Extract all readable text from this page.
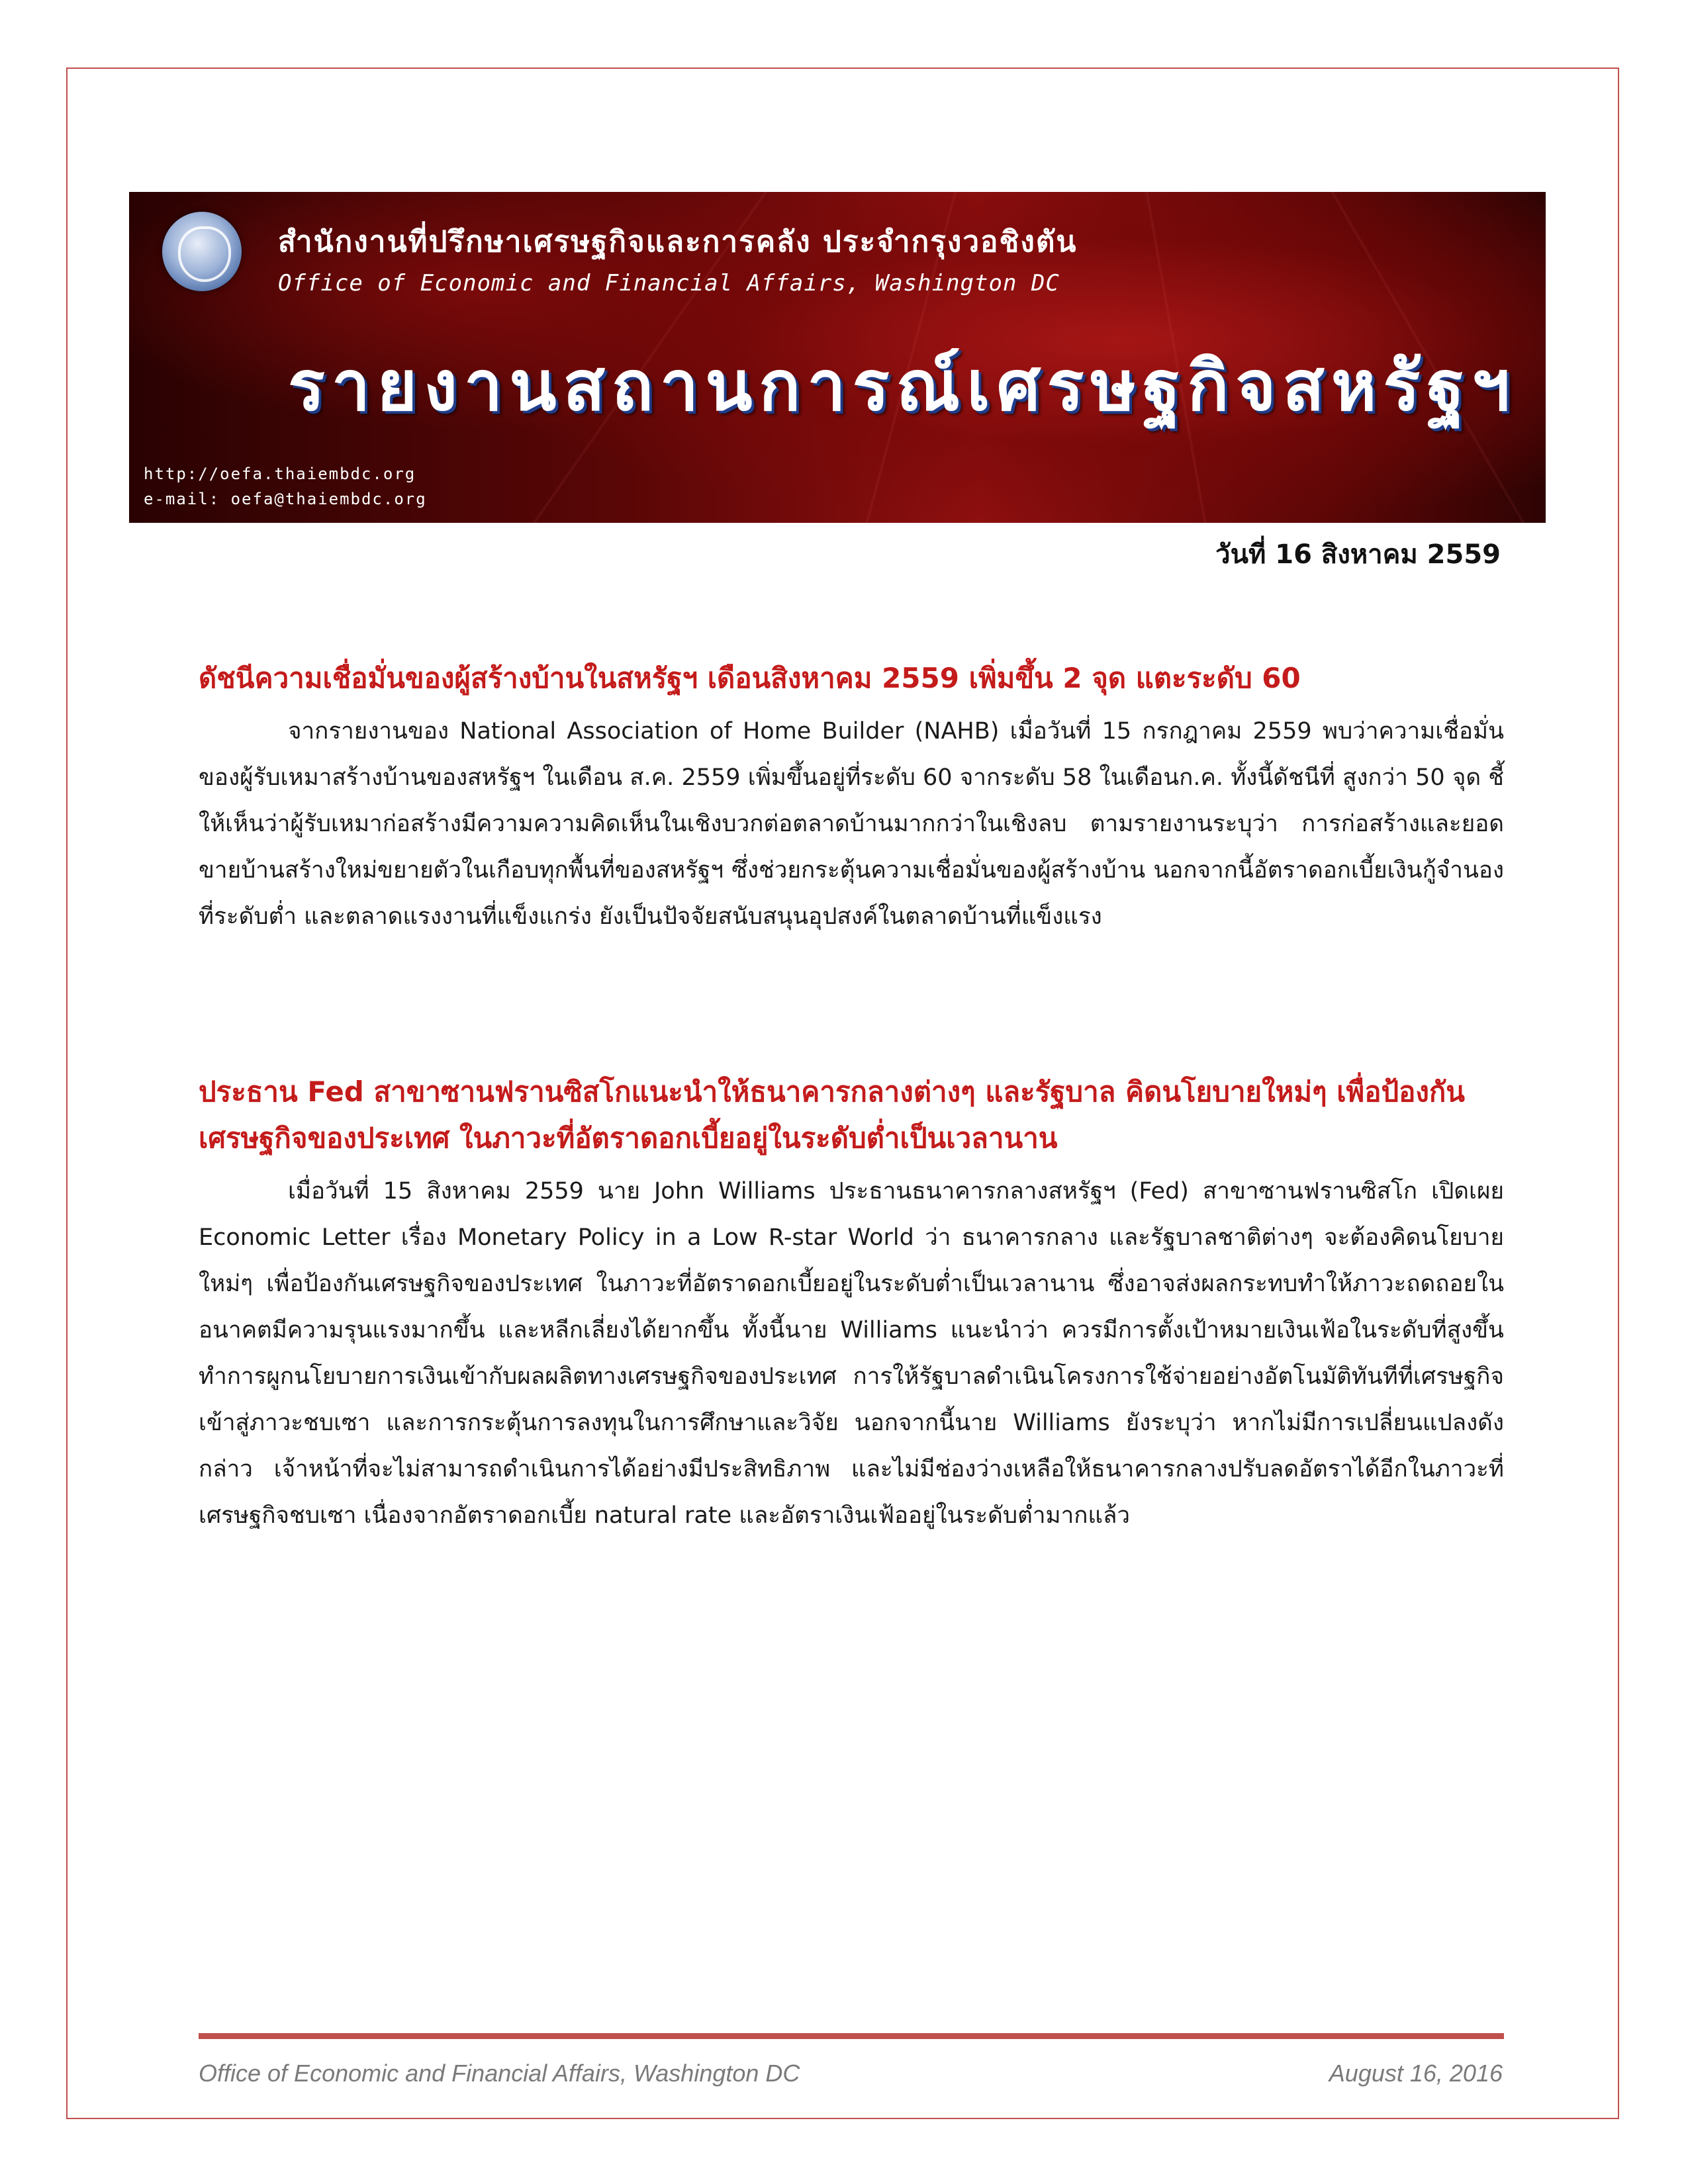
สำนักงานที่ปรึกษาเศรษฐกิจและการคลัง ประจำกรุงวอชิงตัน
Office of Economic and Financial Affairs, Washington DC
รายงานสถานการณ์เศรษฐกิจสหรัฐฯ
http://oefa.thaiembdc.org
e-mail: oefa@thaiembdc.org
วันที่ 16 สิงหาคม 2559
ดัชนีความเชื่อมั่นของผู้สร้างบ้านในสหรัฐฯ เดือนสิงหาคม 2559 เพิ่มขึ้น 2 จุด แตะระดับ 60

จากรายงานของ National Association of Home Builder (NAHB) เมื่อวันที่ 15 กรกฎาคม 2559 พบว่าความเชื่อมั่นของผู้รับเหมาสร้างบ้านของสหรัฐฯ ในเดือน ส.ค. 2559 เพิ่มขึ้นอยู่ที่ระดับ 60 จากระดับ 58 ในเดือนก.ค. ทั้งนี้ดัชนีที่ สูงกว่า 50 จุด ชี้ให้เห็นว่าผู้รับเหมาก่อสร้างมีความความคิดเห็นในเชิงบวกต่อตลาดบ้านมากกว่าในเชิงลบ ตามรายงานระบุว่า การก่อสร้างและยอดขายบ้านสร้างใหม่ขยายตัวในเกือบทุกพื้นที่ของสหรัฐฯ ซึ่งช่วยกระตุ้นความเชื่อมั่นของผู้สร้างบ้าน นอกจากนี้อัตราดอกเบี้ยเงินกู้จำนองที่ระดับต่ำ และตลาดแรงงานที่แข็งแกร่ง ยังเป็นปัจจัยสนับสนุนอุปสงค์ในตลาดบ้านที่แข็งแรง

ประธาน Fed สาขาซานฟรานซิสโกแนะนำให้ธนาคารกลางต่างๆ และรัฐบาล คิดนโยบายใหม่ๆ เพื่อป้องกันเศรษฐกิจของประเทศ ในภาวะที่อัตราดอกเบี้ยอยู่ในระดับต่ำเป็นเวลานาน

เมื่อวันที่ 15 สิงหาคม 2559 นาย John Williams ประธานธนาคารกลางสหรัฐฯ (Fed) สาขาซานฟรานซิสโก เปิดเผย Economic Letter เรื่อง Monetary Policy in a Low R-star World ว่า ธนาคารกลาง และรัฐบาลชาติต่างๆ จะต้องคิดนโยบายใหม่ๆ เพื่อป้องกันเศรษฐกิจของประเทศ ในภาวะที่อัตราดอกเบี้ยอยู่ในระดับต่ำเป็นเวลานาน ซึ่งอาจส่งผลกระทบทำให้ภาวะถดถอยในอนาคตมีความรุนแรงมากขึ้น และหลีกเลี่ยงได้ยากขึ้น ทั้งนี้นาย Williams แนะนำว่า ควรมีการตั้งเป้าหมายเงินเฟ้อในระดับที่สูงขึ้น ทำการผูกนโยบายการเงินเข้ากับผลผลิตทางเศรษฐกิจของประเทศ การให้รัฐบาลดำเนินโครงการใช้จ่ายอย่างอัตโนมัติทันทีที่เศรษฐกิจเข้าสู่ภาวะชบเซา และการกระตุ้นการลงทุนในการศึกษาและวิจัย นอกจากนี้นาย Williams ยังระบุว่า หากไม่มีการเปลี่ยนแปลงดังกล่าว เจ้าหน้าที่จะไม่สามารถดำเนินการได้อย่างมีประสิทธิภาพ และไม่มีช่องว่างเหลือให้ธนาคารกลางปรับลดอัตราได้อีกในภาวะที่เศรษฐกิจชบเซา เนื่องจากอัตราดอกเบี้ย natural rate และอัตราเงินเฟ้ออยู่ในระดับต่ำมากแล้ว

Office of Economic and Financial Affairs, Washington DC	August 16, 2016
